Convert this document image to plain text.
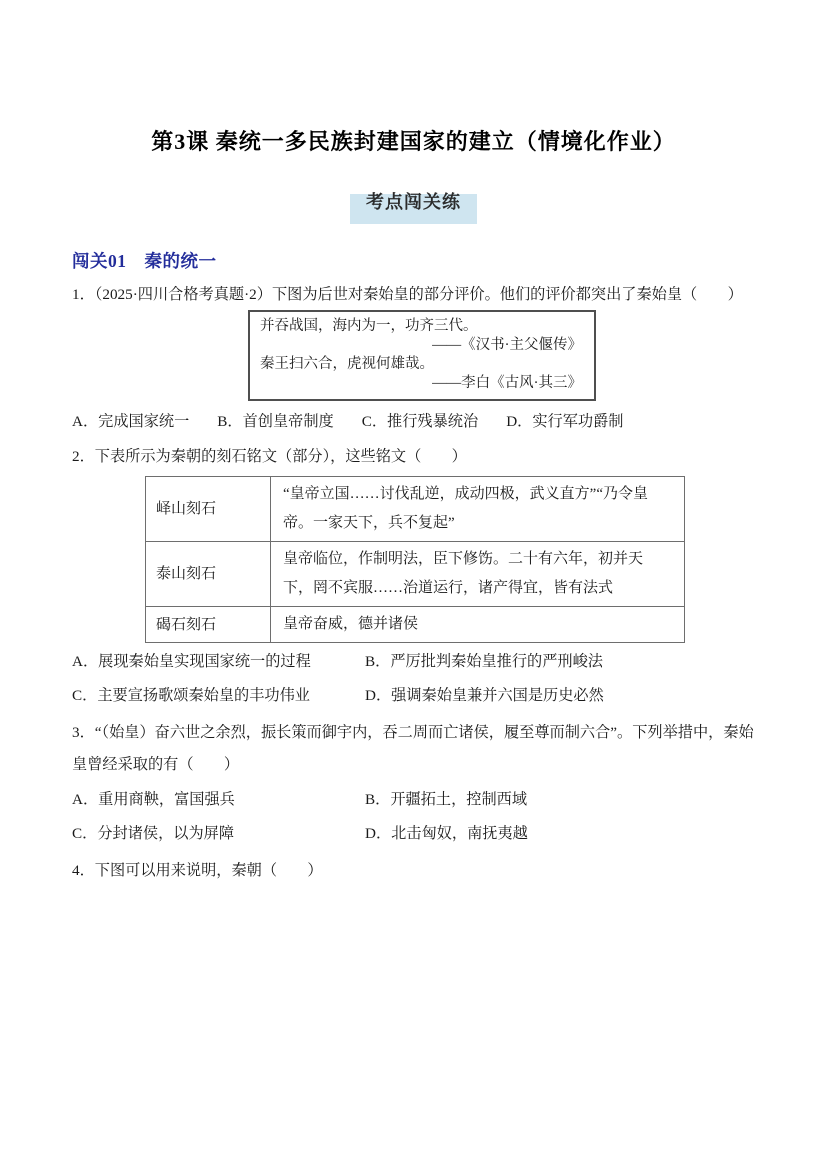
第3课 秦统一多民族封建国家的建立（情境化作业）
考点闯关练
闯关01　秦的统一

1．（2025·四川合格考真题·2）下图为后世对秦始皇的部分评价。他们的评价都突出了秦始皇（　　）

并吞战国，海内为一，功齐三代。
——《汉书·主父偃传》
秦王扫六合，虎视何雄哉。
——李白《古风·其三》
A．完成国家统一 B．首创皇帝制度 C．推行残暴统治 D．实行军功爵制

2．下表所示为秦朝的刻石铭文（部分），这些铭文（　　）

峄山刻石	“皇帝立国……讨伐乱逆，成动四极，武义直方”“乃令皇帝。一家天下，兵不复起”
泰山刻石	皇帝临位，作制明法，臣下修饬。二十有六年，初并天下，罔不宾服……治道运行，诸产得宜，皆有法式
碣石刻石	皇帝奋威，德并诸侯
A．展现秦始皇实现国家统一的过程	B．严厉批判秦始皇推行的严刑峻法
C．主要宣扬歌颂秦始皇的丰功伟业	D．强调秦始皇兼并六国是历史必然

3．“（始皇）奋六世之余烈，振长策而御宇内，吞二周而亡诸侯，履至尊而制六合”。下列举措中，秦始皇曾经采取的有（　　）

A．重用商鞅，富国强兵	B．开疆拓土，控制西域
C．分封诸侯，以为屏障	D．北击匈奴，南抚夷越

4．下图可以用来说明，秦朝（　　）
